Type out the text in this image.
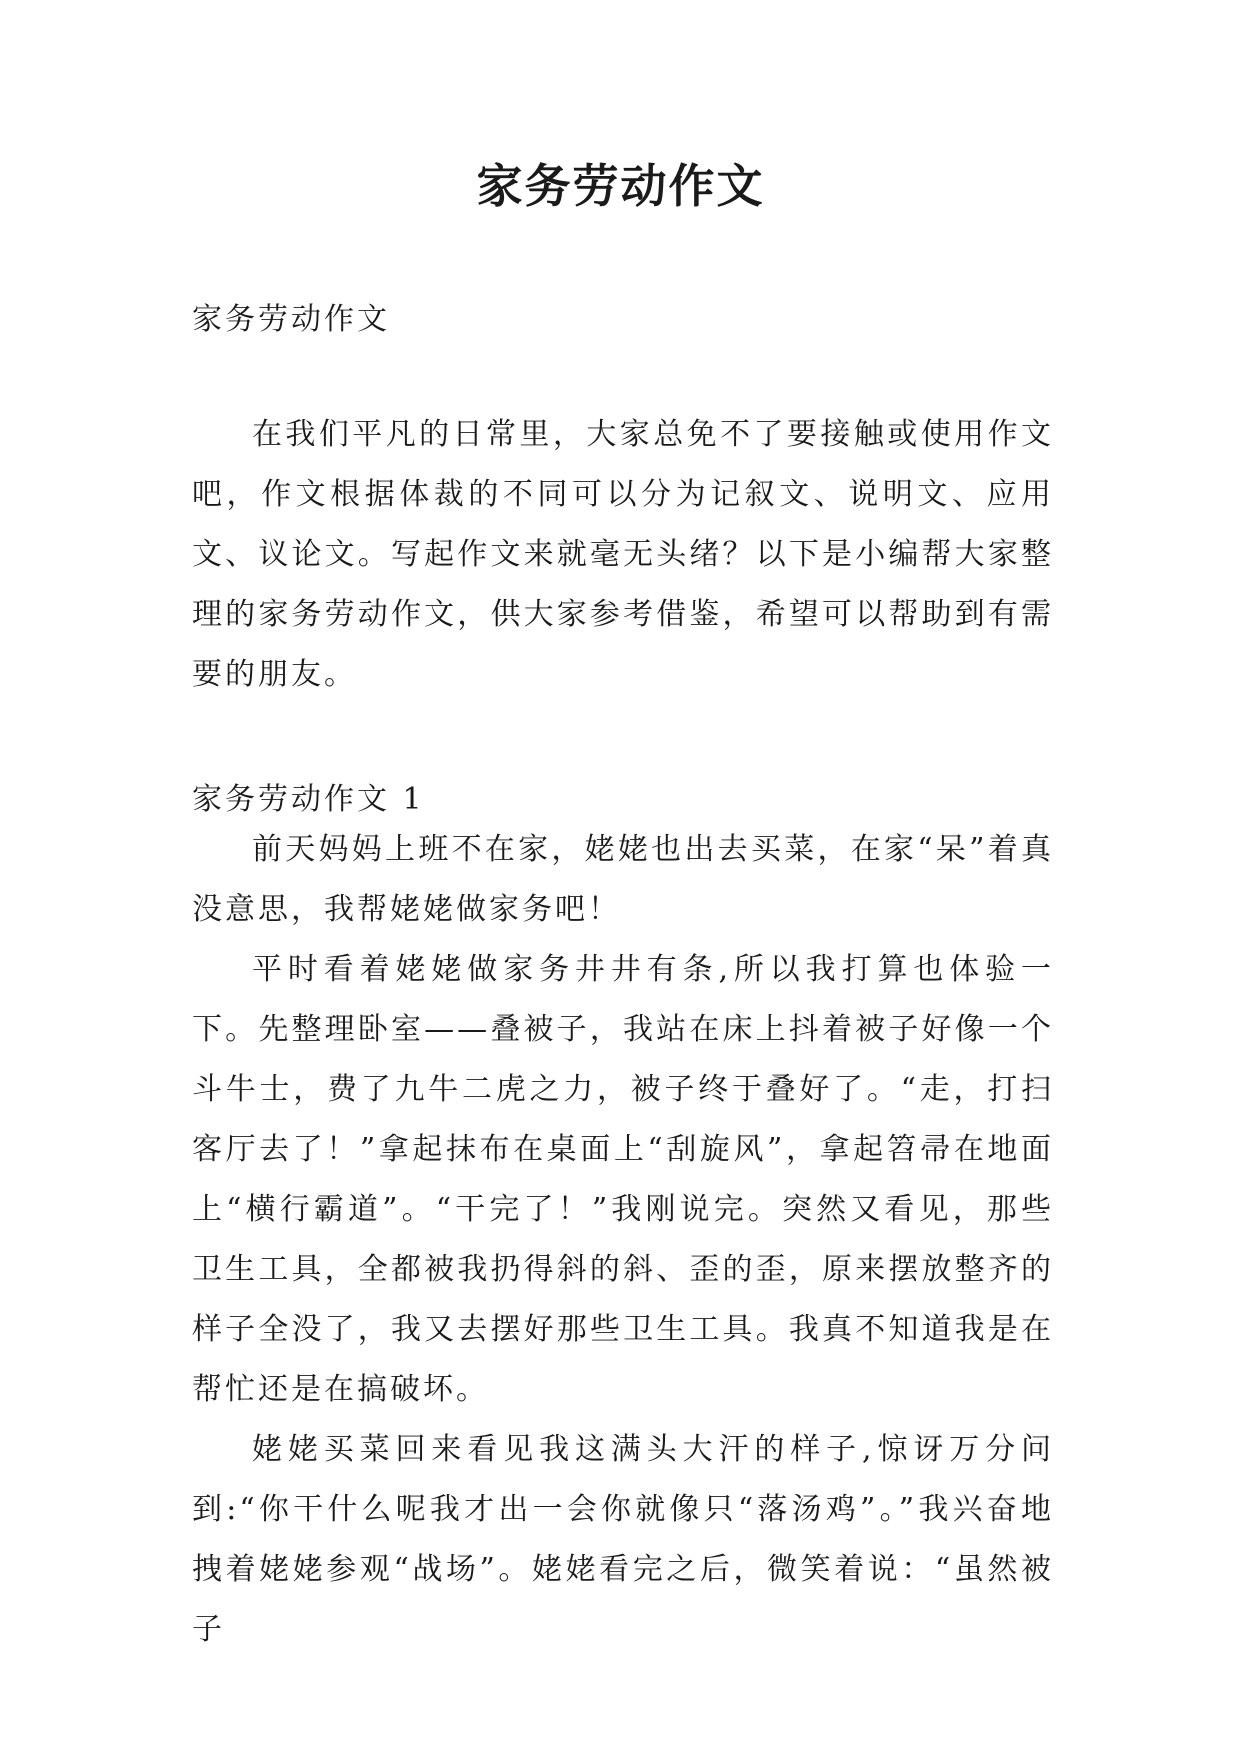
家务劳动作文
家务劳动作文

在我们平凡的日常里，大家总免不了要接触或使用作文吧，作文根据体裁的不同可以分为记叙文、说明文、应用文、议论文。写起作文来就毫无头绪？以下是小编帮大家整理的家务劳动作文，供大家参考借鉴，希望可以帮助到有需要的朋友。

家务劳动作文 1

前天妈妈上班不在家，姥姥也出去买菜，在家“呆”着真没意思，我帮姥姥做家务吧！

平时看着姥姥做家务井井有条,所以我打算也体验一下。先整理卧室——叠被子，我站在床上抖着被子好像一个斗牛士，费了九牛二虎之力，被子终于叠好了。“走，打扫客厅去了！”拿起抹布在桌面上“刮旋风”，拿起笤帚在地面上“横行霸道”。“干完了！”我刚说完。突然又看见，那些卫生工具，全都被我扔得斜的斜、歪的歪，原来摆放整齐的样子全没了，我又去摆好那些卫生工具。我真不知道我是在帮忙还是在搞破坏。

姥姥买菜回来看见我这满头大汗的样子,惊讶万分问到:“你干什么呢我才出一会你就像只“落汤鸡”。”我兴奋地拽着姥姥参观“战场”。姥姥看完之后，微笑着说：“虽然被子
